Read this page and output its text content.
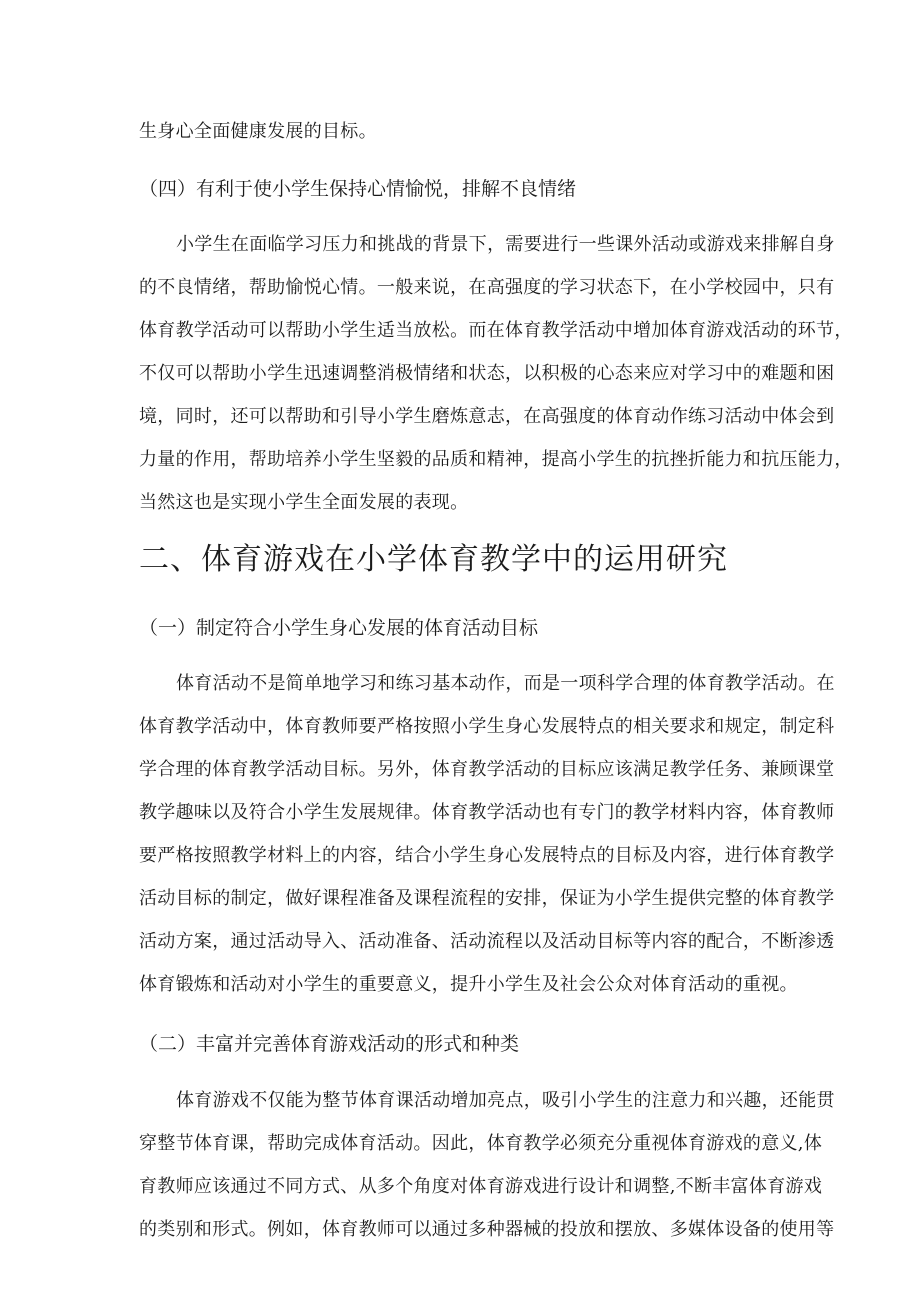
生身心全面健康发展的目标。
（四）有利于使小学生保持心情愉悦，排解不良情绪
小学生在面临学习压力和挑战的背景下，需要进行一些课外活动或游戏来排解自身
的不良情绪，帮助愉悦心情。一般来说，在高强度的学习状态下，在小学校园中，只有
体育教学活动可以帮助小学生适当放松。而在体育教学活动中增加体育游戏活动的环节，
不仅可以帮助小学生迅速调整消极情绪和状态，以积极的心态来应对学习中的难题和困
境，同时，还可以帮助和引导小学生磨炼意志，在高强度的体育动作练习活动中体会到
力量的作用，帮助培养小学生坚毅的品质和精神，提高小学生的抗挫折能力和抗压能力，
当然这也是实现小学生全面发展的表现。
二、体育游戏在小学体育教学中的运用研究
（一）制定符合小学生身心发展的体育活动目标
体育活动不是简单地学习和练习基本动作，而是一项科学合理的体育教学活动。在
体育教学活动中，体育教师要严格按照小学生身心发展特点的相关要求和规定，制定科
学合理的体育教学活动目标。另外，体育教学活动的目标应该满足教学任务、兼顾课堂
教学趣味以及符合小学生发展规律。体育教学活动也有专门的教学材料内容，体育教师
要严格按照教学材料上的内容，结合小学生身心发展特点的目标及内容，进行体育教学
活动目标的制定，做好课程准备及课程流程的安排，保证为小学生提供完整的体育教学
活动方案，通过活动导入、活动准备、活动流程以及活动目标等内容的配合，不断渗透
体育锻炼和活动对小学生的重要意义，提升小学生及社会公众对体育活动的重视。
（二）丰富并完善体育游戏活动的形式和种类
体育游戏不仅能为整节体育课活动增加亮点，吸引小学生的注意力和兴趣，还能贯
穿整节体育课，帮助完成体育活动。因此，体育教学必须充分重视体育游戏的意义,体
育教师应该通过不同方式、从多个角度对体育游戏进行设计和调整,不断丰富体育游戏
的类别和形式。例如，体育教师可以通过多种器械的投放和摆放、多媒体设备的使用等
